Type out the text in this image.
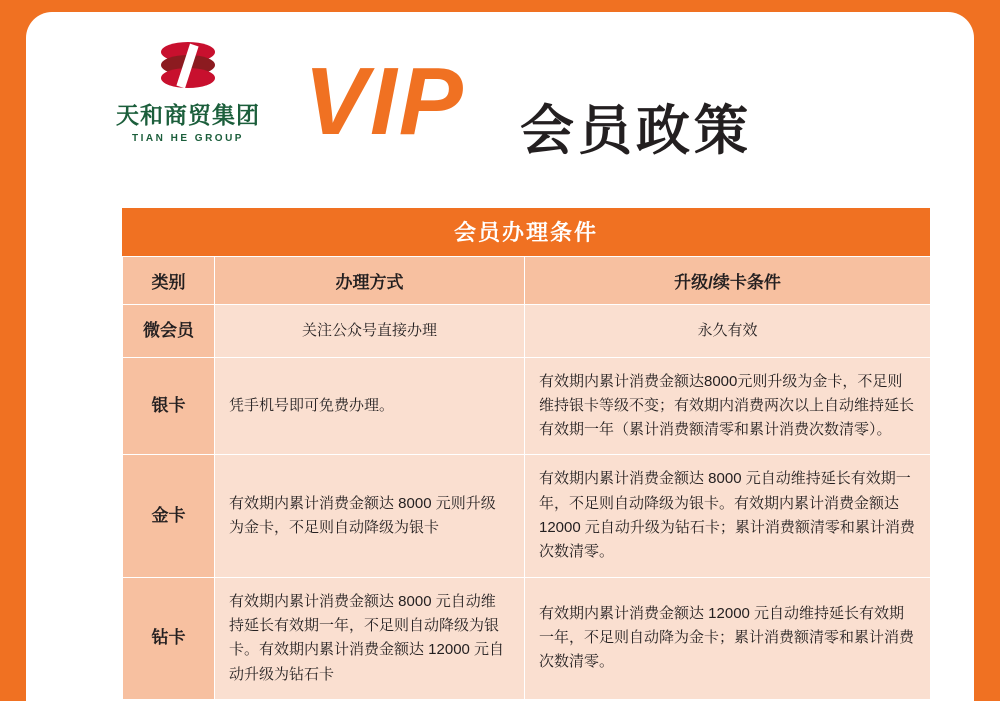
天和商贸集团
TIAN HE GROUP VIP 会员政策
会员办理条件
类别	办理方式	升级/续卡条件
微会员	关注公众号直接办理	永久有效
银卡	凭手机号即可免费办理。	有效期内累计消费金额达8000元则升级为金卡，不足则维持银卡等级不变；有效期内消费两次以上自动维持延长有效期一年（累计消费额清零和累计消费次数清零）。
金卡	有效期内累计消费金额达 8000 元则升级为金卡，不足则自动降级为银卡	有效期内累计消费金额达 8000 元自动维持延长有效期一年，不足则自动降级为银卡。有效期内累计消费金额达 12000 元自动升级为钻石卡；累计消费额清零和累计消费次数清零。
钻卡	有效期内累计消费金额达 8000 元自动维持延长有效期一年，不足则自动降级为银卡。有效期内累计消费金额达 12000 元自动升级为钻石卡	有效期内累计消费金额达 12000 元自动维持延长有效期一年，不足则自动降为金卡；累计消费额清零和累计消费次数清零。
